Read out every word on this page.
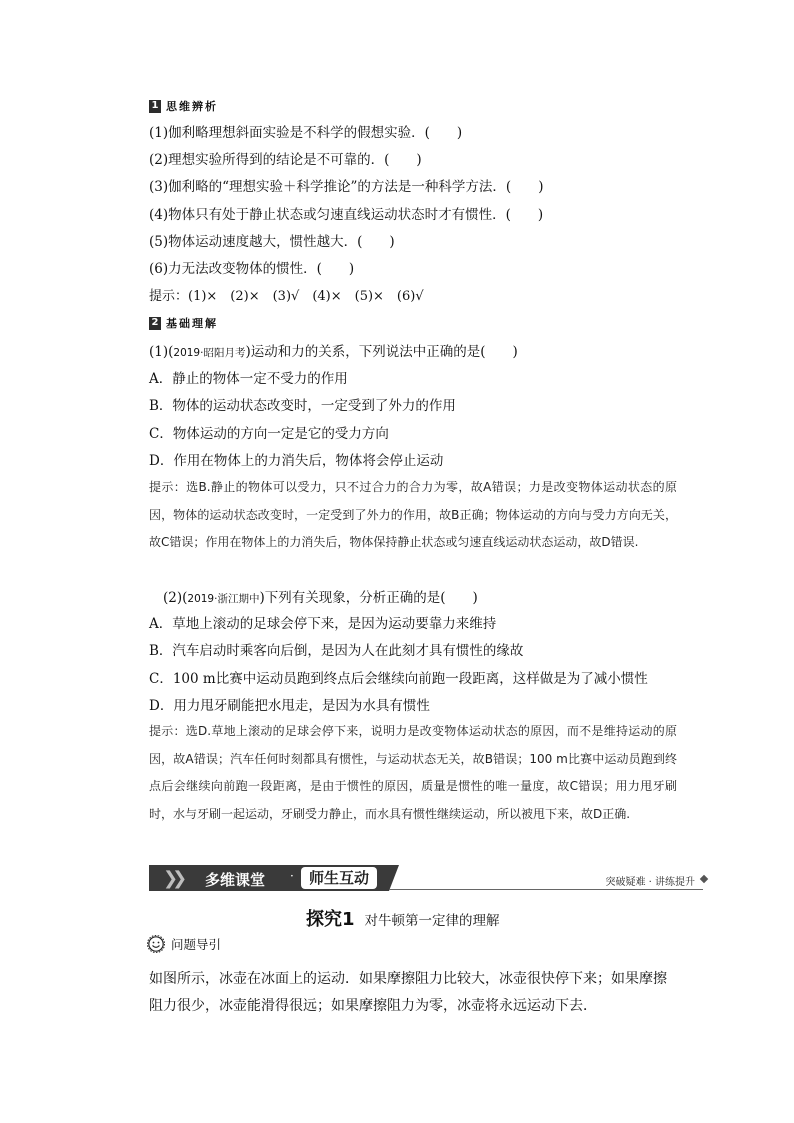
1 思维辨析
(1)伽利略理想斜面实验是不科学的假想实验．(　　)
(2)理想实验所得到的结论是不可靠的．(　　)
(3)伽利略的“理想实验＋科学推论”的方法是一种科学方法．(　　)
(4)物体只有处于静止状态或匀速直线运动状态时才有惯性．(　　)
(5)物体运动速度越大，惯性越大．(　　)
(6)力无法改变物体的惯性．(　　)
提示：(1)×　(2)×　(3)√　(4)×　(5)×　(6)√
2 基础理解
(1)(2019·昭阳月考)运动和力的关系，下列说法中正确的是(　　)
A．静止的物体一定不受力的作用
B．物体的运动状态改变时，一定受到了外力的作用
C．物体运动的方向一定是它的受力方向
D．作用在物体上的力消失后，物体将会停止运动
提示：选B.静止的物体可以受力，只不过合力的合力为零，故A错误；力是改变物体运动状态的原因，物体的运动状态改变时，一定受到了外力的作用，故B正确；物体运动的方向与受力方向无关，故C错误；作用在物体上的力消失后，物体保持静止状态或匀速直线运动状态运动，故D错误.
(2)(2019·浙江期中)下列有关现象，分析正确的是(　　)
A．草地上滚动的足球会停下来，是因为运动要靠力来维持
B．汽车启动时乘客向后倒，是因为人在此刻才具有惯性的缘故
C．100 m比赛中运动员跑到终点后会继续向前跑一段距离，这样做是为了减小惯性
D．用力甩牙刷能把水甩走，是因为水具有惯性
提示：选D.草地上滚动的足球会停下来，说明力是改变物体运动状态的原因，而不是维持运动的原因，故A错误；汽车任何时刻都具有惯性，与运动状态无关，故B错误；100 m比赛中运动员跑到终点后会继续向前跑一段距离，是由于惯性的原因，质量是惯性的唯一量度，故C错误；用力甩牙刷时，水与牙刷一起运动，牙刷受力静止，而水具有惯性继续运动，所以被甩下来，故D正确.
❯❯ 多维课堂 ·	师生互动	突破疑难 · 讲练提升
探究1 对牛顿第一定律的理解
问题导引
如图所示，冰壶在冰面上的运动．如果摩擦阻力比较大，冰壶很快停下来；如果摩擦阻力很少，冰壶能滑得很远；如果摩擦阻力为零，冰壶将永远运动下去．
